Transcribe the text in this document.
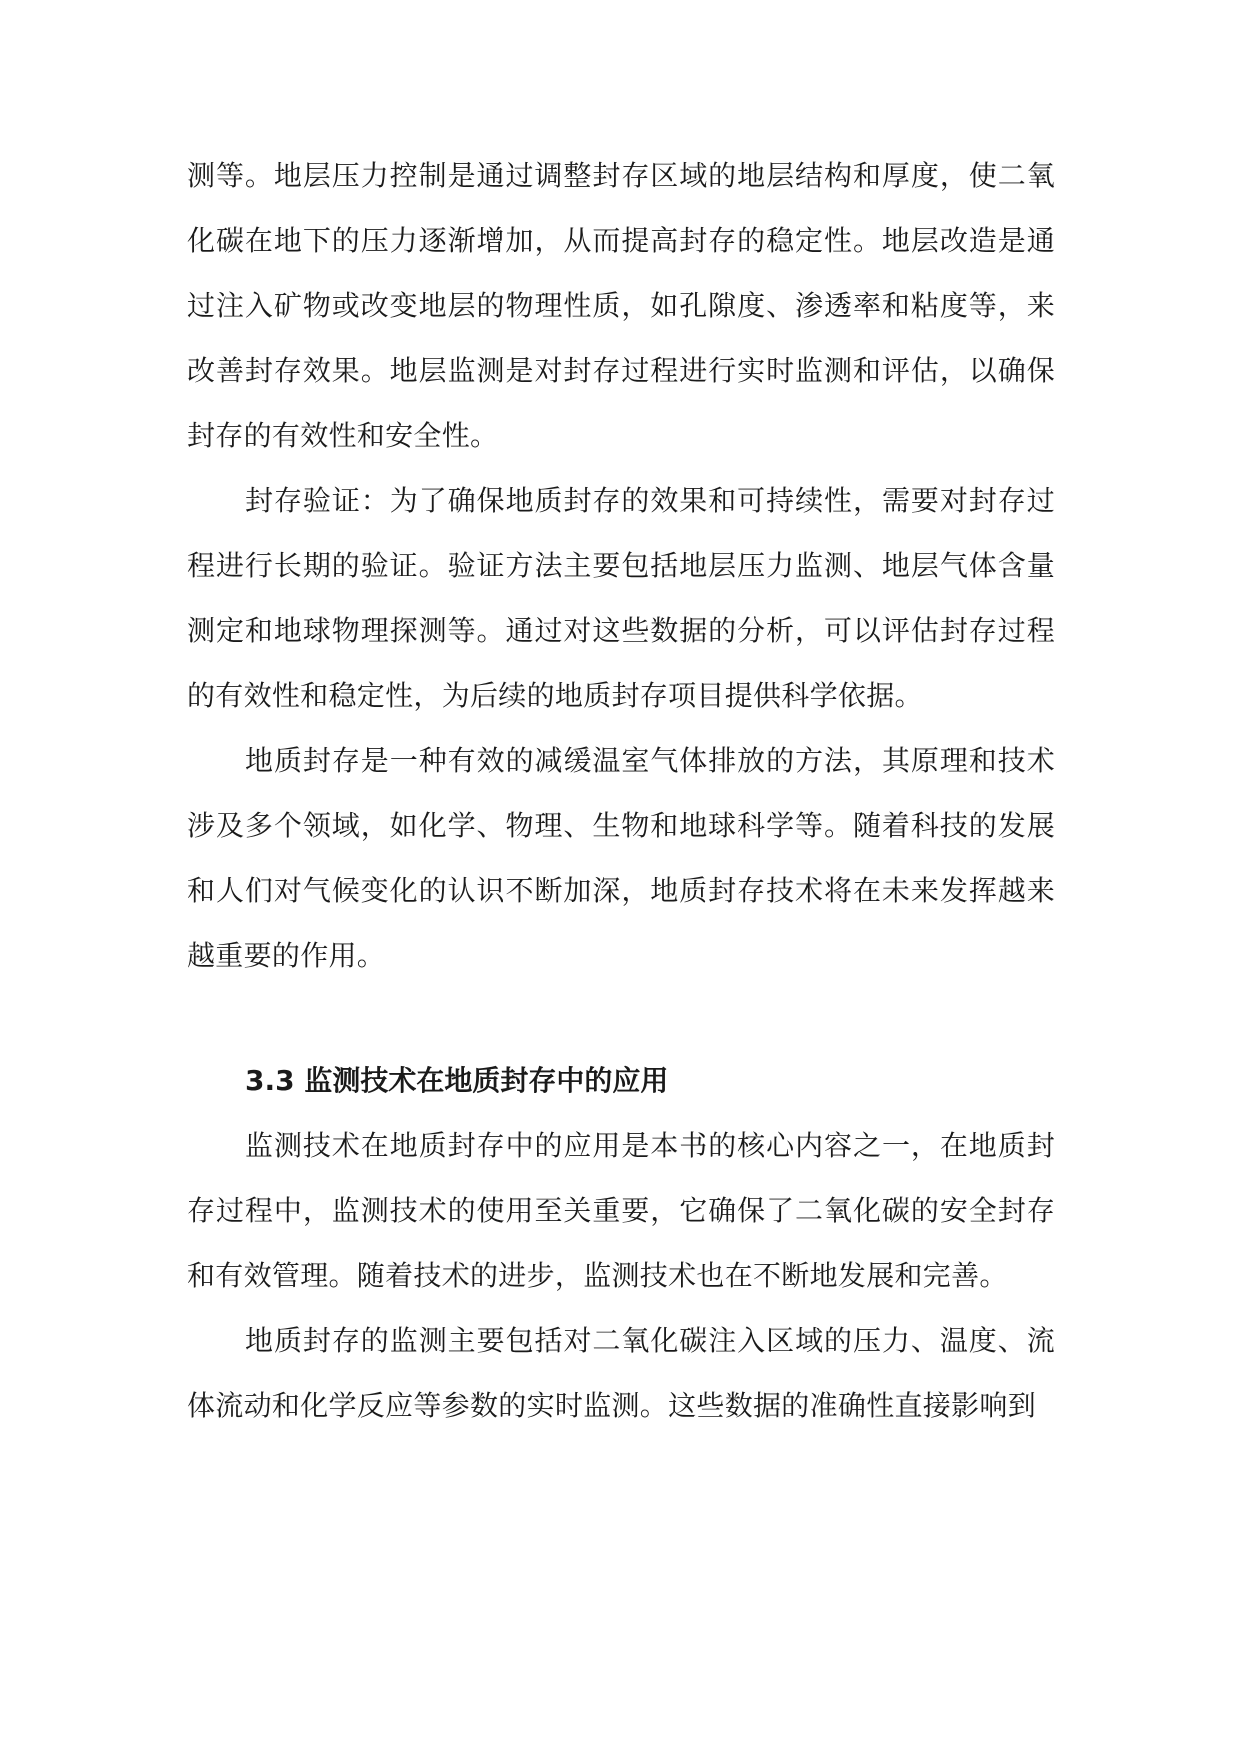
测等。地层压力控制是通过调整封存区域的地层结构和厚度，使二氧化碳在地下的压力逐渐增加，从而提高封存的稳定性。地层改造是通过注入矿物或改变地层的物理性质，如孔隙度、渗透率和粘度等，来改善封存效果。地层监测是对封存过程进行实时监测和评估，以确保封存的有效性和安全性。

封存验证：为了确保地质封存的效果和可持续性，需要对封存过程进行长期的验证。验证方法主要包括地层压力监测、地层气体含量测定和地球物理探测等。通过对这些数据的分析，可以评估封存过程的有效性和稳定性，为后续的地质封存项目提供科学依据。

地质封存是一种有效的减缓温室气体排放的方法，其原理和技术涉及多个领域，如化学、物理、生物和地球科学等。随着科技的发展和人们对气候变化的认识不断加深，地质封存技术将在未来发挥越来越重要的作用。

3.3 监测技术在地质封存中的应用

监测技术在地质封存中的应用是本书的核心内容之一，在地质封存过程中，监测技术的使用至关重要，它确保了二氧化碳的安全封存和有效管理。随着技术的进步，监测技术也在不断地发展和完善。

地质封存的监测主要包括对二氧化碳注入区域的压力、温度、流体流动和化学反应等参数的实时监测。这些数据的准确性直接影响到
